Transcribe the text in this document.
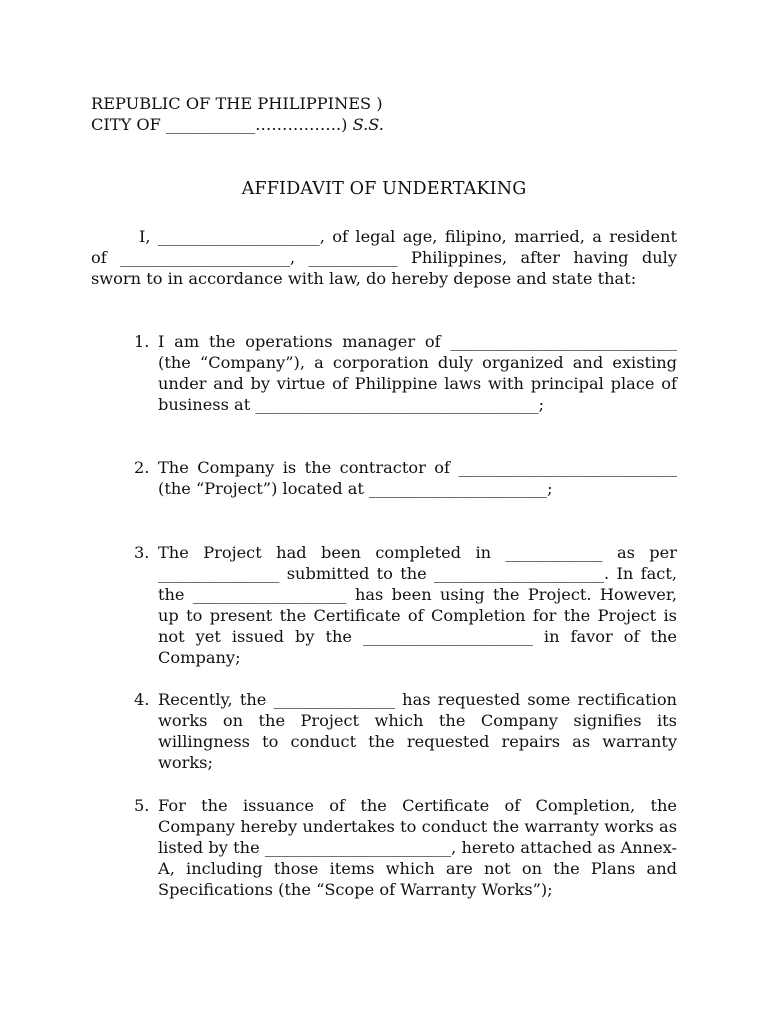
REPUBLIC OF THE PHILIPPINES )
CITY OF ___________…………….) S.S.
AFFIDAVIT OF UNDERTAKING
I, ____________________, of legal age, filipino, married, a resident of _____________________, ___________ Philippines, after having duly sworn to in accordance with law, do hereby depose and state that:
1. I am the operations manager of ____________________________ (the “Company”), a corporation duly organized and existing under and by virtue of Philippine laws with principal place of business at ___________________________________;
2. The Company is the contractor of ___________________________ (the “Project”) located at ______________________;
3. The Project had been completed in ____________ as per _______________ submitted to the _____________________. In fact, the ___________________ has been using the Project. However, up to present the Certificate of Completion for the Project is not yet issued by the _____________________ in favor of the Company;
4. Recently, the _______________ has requested some rectification works on the Project which the Company signifies its willingness to conduct the requested repairs as warranty works;
5. For the issuance of the Certificate of Completion, the Company hereby undertakes to conduct the warranty works as listed by the _______________________, hereto attached as Annex-A, including those items which are not on the Plans and Specifications (the “Scope of Warranty Works”);
